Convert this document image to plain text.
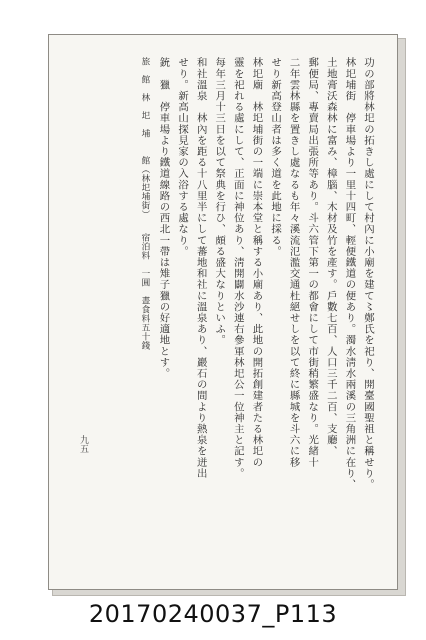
功の部將林圯の拓きし處にして村內に小廟を建て〻鄭氏を祀り、開臺國聖祖と稱せり。
林圯埔街　停車場より一里十四町、輕便鐵道の便あり。濁水淸水兩溪の三角洲に在り、
土地膏沃森林に富み、樟腦、木材及竹を產す。戶數七百、人口三千二百、支廳、
郵便局、專賣局出張所等あり。斗六管下第一の都會にして市街稍繁盛なり。光緒十
二年雲林縣を置きし處なるも年々溪流氾濫交通杜絕せしを以て終に縣城を斗六に移
せり新高登山者は多く道を此地に採る。
林圯廟　林圯埔街の一端に崇本堂と稱する小廟あり、此地の開拓創建者たる林圯の
靈を祀れる處にして、正面に神位あり、淸開闢水沙連右參軍林圯公一位神主と記す。
每年三月十三日を以て祭典を行ひ、頗る盛大なりといふ。
和社溫泉　林內を距る十八里半にして蕃地和社に溫泉あり、巖石の間より熱泉を迸出
せり。新高山探見家の入浴する處なり。
銃　獵　停車場より鐵道線路の西北一帶は雉子獵の好適地とす。
旅　館　林　圯　埔　　館（林圯埔街）　　宿泊料　一圓　晝食料五十錢
九五
20170240037_P113
